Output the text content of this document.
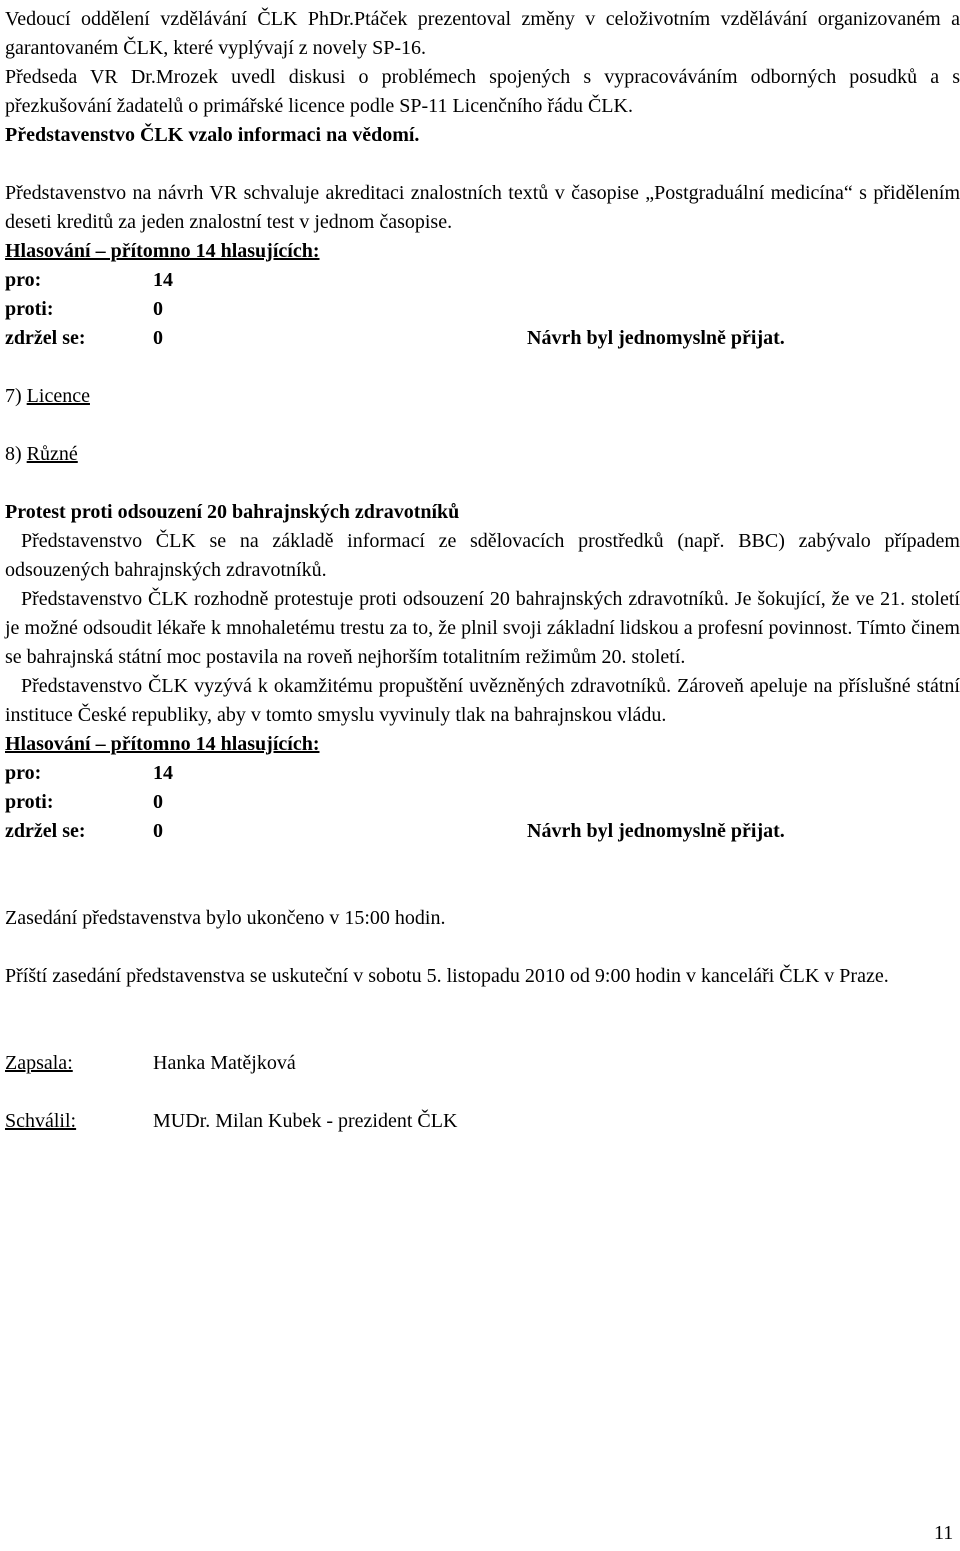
Vedoucí oddělení vzdělávání ČLK PhDr.Ptáček prezentoval změny v celoživotním vzdělávání organizovaném a garantovaném ČLK, které vyplývají z novely SP-16.

Předseda VR Dr.Mrozek uvedl diskusi o problémech spojených s vypracováváním odborných posudků a s přezkušování žadatelů o primářské licence podle SP-11 Licenčního řádu ČLK.

Představenstvo ČLK vzalo informaci na vědomí.

Představenstvo na návrh VR schvaluje akreditaci znalostních textů v časopise „Postgraduální medicína“ s přidělením deseti kreditů za jeden znalostní test v jednom časopise.

Hlasování – přítomno 14 hlasujících:

pro:	14
proti:	0
zdržel se:	0	Návrh byl jednomyslně přijat.

7) Licence

8) Různé

Protest proti odsouzení 20 bahrajnských zdravotníků

Představenstvo ČLK se na základě informací ze sdělovacích prostředků (např. BBC) zabývalo případem odsouzených bahrajnských zdravotníků.

Představenstvo ČLK rozhodně protestuje proti odsouzení 20 bahrajnských zdravotníků. Je šokující, že ve 21. století je možné odsoudit lékaře k mnohaletému trestu za to, že plnil svoji základní lidskou a profesní povinnost. Tímto činem se bahrajnská státní moc postavila na roveň nejhorším totalitním režimům 20. století.

Představenstvo ČLK vyzývá k okamžitému propuštění uvězněných zdravotníků. Zároveň apeluje na příslušné státní instituce České republiky, aby v tomto smyslu vyvinuly tlak na bahrajnskou vládu.

Hlasování – přítomno 14 hlasujících:

pro:	14
proti:	0
zdržel se:	0	Návrh byl jednomyslně přijat.

Zasedání představenstva bylo ukončeno v 15:00 hodin.

Příští zasedání představenstva se uskuteční v sobotu 5. listopadu 2010 od 9:00 hodin v kanceláři ČLK v Praze.

Zapsala:	Hanka Matějková
Schválil:	MUDr. Milan Kubek - prezident ČLK
11
